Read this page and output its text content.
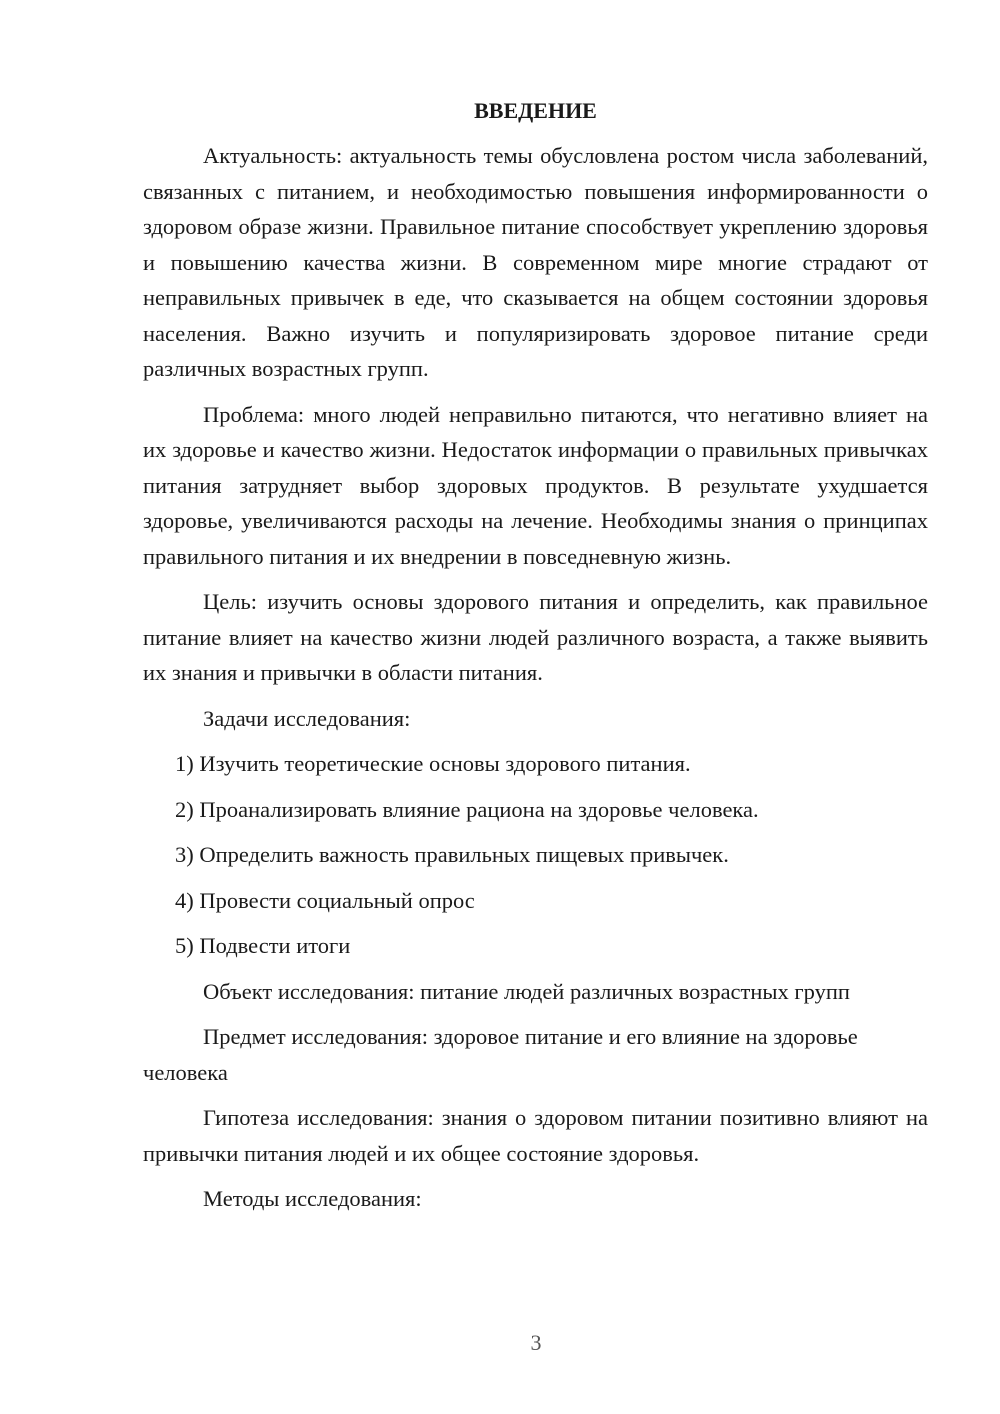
ВВЕДЕНИЕ

Актуальность: актуальность темы обусловлена ростом числа заболеваний, связанных с питанием, и необходимостью повышения информированности о здоровом образе жизни. Правильное питание способствует укреплению здоровья и повышению качества жизни. В современном мире многие страдают от неправильных привычек в еде, что сказывается на общем состоянии здоровья населения. Важно изучить и популяризировать здоровое питание среди различных возрастных групп.

Проблема: много людей неправильно питаются, что негативно влияет на их здоровье и качество жизни. Недостаток информации о правильных привычках питания затрудняет выбор здоровых продуктов. В результате ухудшается здоровье, увеличиваются расходы на лечение. Необходимы знания о принципах правильного питания и их внедрении в повседневную жизнь.

Цель: изучить основы здорового питания и определить, как правильное питание влияет на качество жизни людей различного возраста, а также выявить их знания и привычки в области питания.

Задачи исследования:

1) Изучить теоретические основы здорового питания.
2) Проанализировать влияние рациона на здоровье человека.
3) Определить важность правильных пищевых привычек.
4) Провести социальный опрос
5) Подвести итоги

Объект исследования: питание людей различных возрастных групп

Предмет исследования: здоровое питание и его влияние на здоровье человека

Гипотеза исследования: знания о здоровом питании позитивно влияют на привычки питания людей и их общее состояние здоровья.

Методы исследования:

3
